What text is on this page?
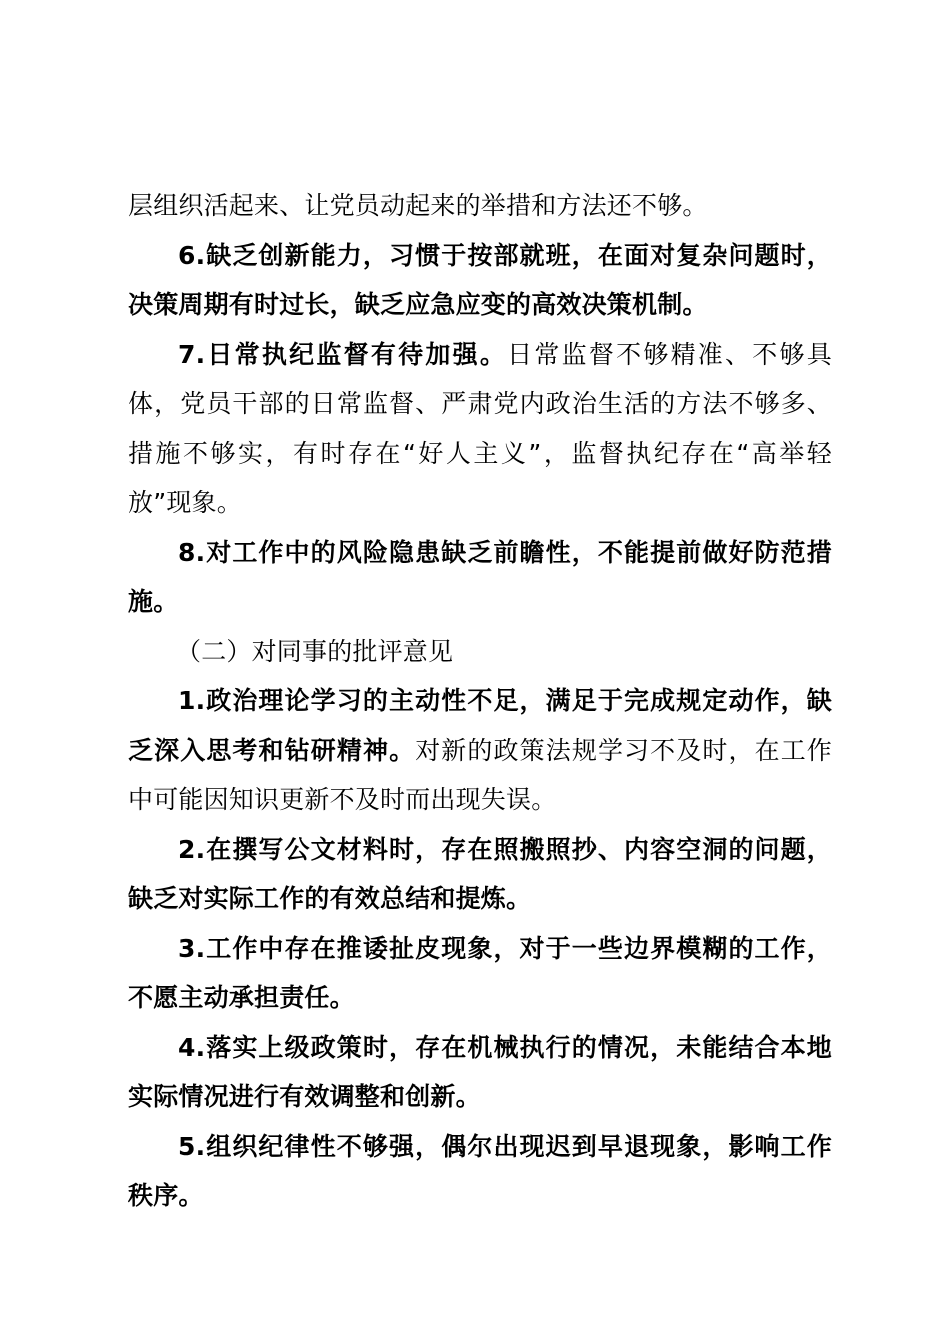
层组织活起来、让党员动起来的举措和方法还不够。

6.缺乏创新能力，习惯于按部就班，在面对复杂问题时，决策周期有时过长，缺乏应急应变的高效决策机制。

7.日常执纪监督有待加强。日常监督不够精准、不够具体，党员干部的日常监督、严肃党内政治生活的方法不够多、措施不够实，有时存在“好人主义”，监督执纪存在“高举轻放”现象。

8.对工作中的风险隐患缺乏前瞻性，不能提前做好防范措施。

（二）对同事的批评意见

1.政治理论学习的主动性不足，满足于完成规定动作，缺乏深入思考和钻研精神。对新的政策法规学习不及时，在工作中可能因知识更新不及时而出现失误。

2.在撰写公文材料时，存在照搬照抄、内容空洞的问题，缺乏对实际工作的有效总结和提炼。

3.工作中存在推诿扯皮现象，对于一些边界模糊的工作，不愿主动承担责任。

4.落实上级政策时，存在机械执行的情况，未能结合本地实际情况进行有效调整和创新。

5.组织纪律性不够强，偶尔出现迟到早退现象，影响工作秩序。
